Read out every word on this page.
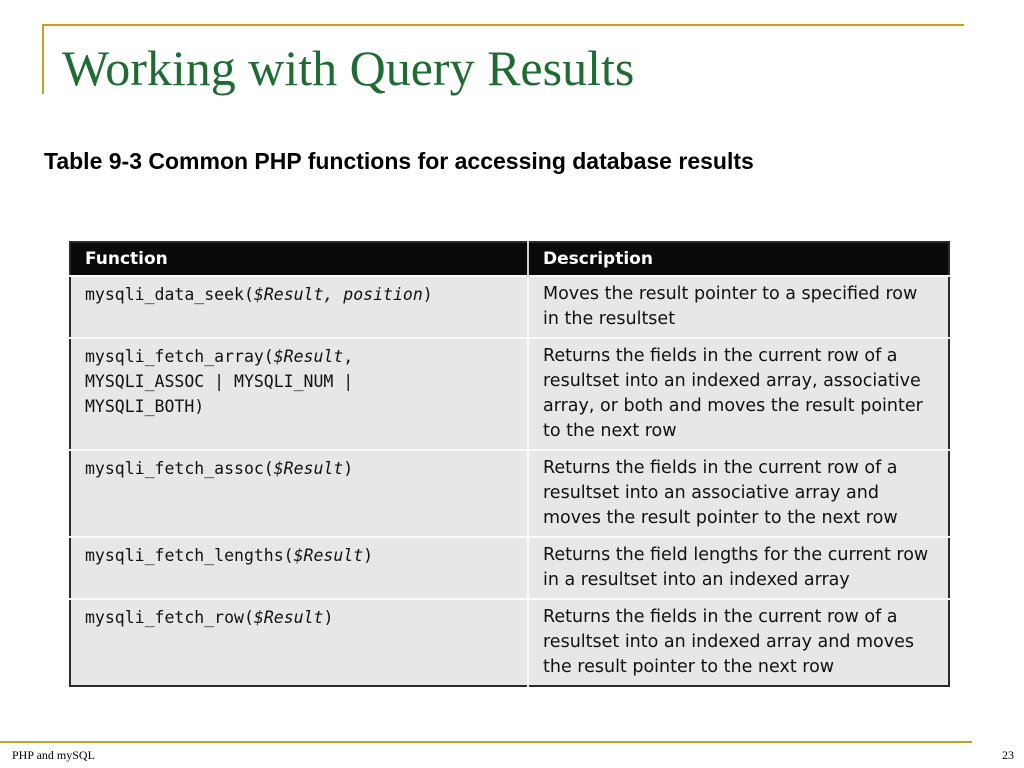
Working with Query Results

Table 9-3 Common PHP functions for accessing database results

Function	Description
mysqli_data_seek($Result, position)	Moves the result pointer to a specified row in the resultset
mysqli_fetch_array($Result,
MYSQLI_ASSOC | MYSQLI_NUM |
MYSQLI_BOTH)	Returns the fields in the current row of a resultset into an indexed array, associative array, or both and moves the result pointer to the next row
mysqli_fetch_assoc($Result)	Returns the fields in the current row of a resultset into an associative array and moves the result pointer to the next row
mysqli_fetch_lengths($Result)	Returns the field lengths for the current row in a resultset into an indexed array
mysqli_fetch_row($Result)	Returns the fields in the current row of a resultset into an indexed array and moves the result pointer to the next row
PHP and mySQL	23
